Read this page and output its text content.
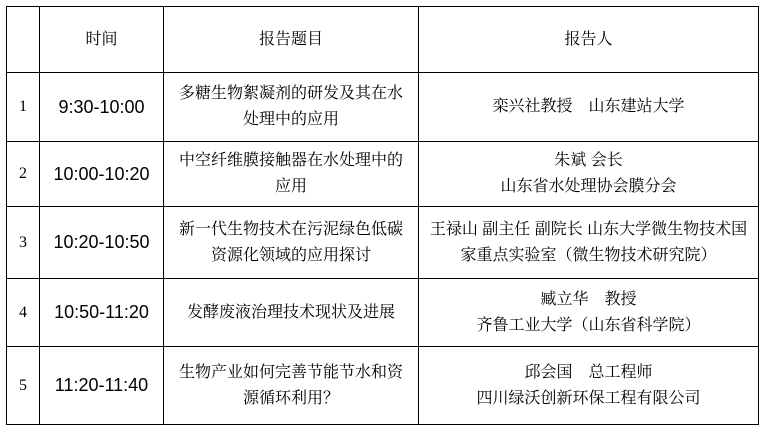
	时间	报告题目	报告人
1	9:30-10:00	多糖生物絮凝剂的研发及其在水处理中的应用	栾兴社教授　山东建站大学

2	10:00-10:20	中空纤维膜接触器在水处理中的应用	朱斌 会长
山东省水处理协会膜分会

3	10:20-10:50	新一代生物技术在污泥绿色低碳资源化领域的应用探讨	王禄山 副主任 副院长 山东大学微生物技术国家重点实验室（微生物技术研究院）

4	10:50-11:20	发酵废液治理技术现状及进展	臧立华　教授
齐鲁工业大学（山东省科学院）

5	11:20-11:40	生物产业如何完善节能节水和资源循环利用？	邱会国　总工程师
四川绿沃创新环保工程有限公司
